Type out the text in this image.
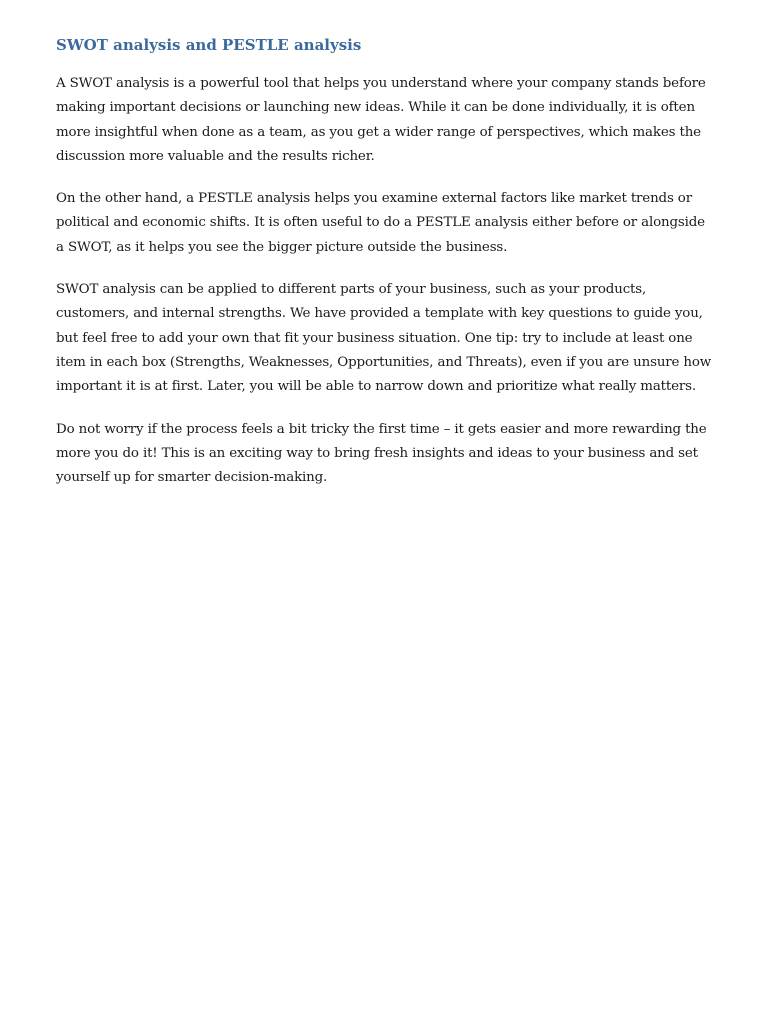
SWOT analysis and PESTLE analysis

A SWOT analysis is a powerful tool that helps you understand where your company stands before making important decisions or launching new ideas. While it can be done individually, it is often more insightful when done as a team, as you get a wider range of perspectives, which makes the discussion more valuable and the results richer.

On the other hand, a PESTLE analysis helps you examine external factors like market trends or political and economic shifts. It is often useful to do a PESTLE analysis either before or alongside a SWOT, as it helps you see the bigger picture outside the business.

SWOT analysis can be applied to different parts of your business, such as your products, customers, and internal strengths. We have provided a template with key questions to guide you, but feel free to add your own that fit your business situation. One tip: try to include at least one item in each box (Strengths, Weaknesses, Opportunities, and Threats), even if you are unsure how important it is at first. Later, you will be able to narrow down and prioritize what really matters.

Do not worry if the process feels a bit tricky the first time – it gets easier and more rewarding the more you do it! This is an exciting way to bring fresh insights and ideas to your business and set yourself up for smarter decision-making.
